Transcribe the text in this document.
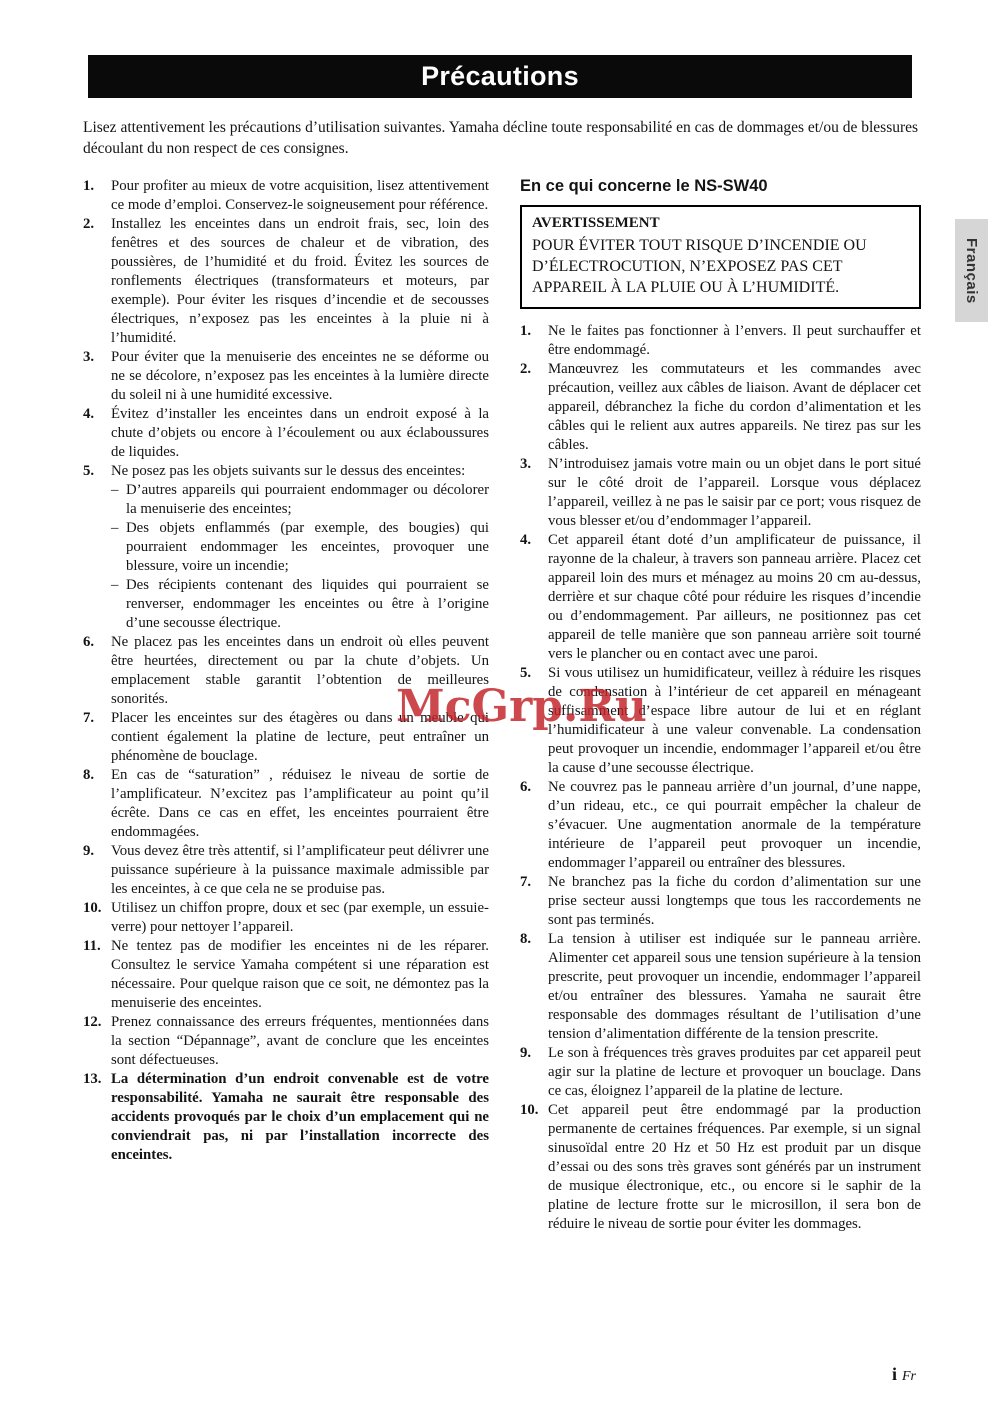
Précautions

Lisez attentivement les précautions d’utilisation suivantes. Yamaha décline toute responsabilité en cas de dommages et/ou de blessures découlant du non respect de ces consignes.

1.	Pour profiter au mieux de votre acquisition, lisez attentivement ce mode d’emploi. Conservez-le soigneusement pour référence.
2.	Installez les enceintes dans un endroit frais, sec, loin des fenêtres et des sources de chaleur et de vibration, des poussières, de l’humidité et du froid. Évitez les sources de ronflements électriques (transformateurs et moteurs, par exemple). Pour éviter les risques d’incendie et de secousses électriques, n’exposez pas les enceintes à la pluie ni à l’humidité.
3.	Pour éviter que la menuiserie des enceintes ne se déforme ou ne se décolore, n’exposez pas les enceintes à la lumière directe du soleil ni à une humidité excessive.
4.	Évitez d’installer les enceintes dans un endroit exposé à la chute d’objets ou encore à l’écoulement ou aux éclaboussures de liquides.
5.	Ne posez pas les objets suivants sur le dessus des enceintes:
– D’autres appareils qui pourraient endommager ou décolorer la menuiserie des enceintes;
– Des objets enflammés (par exemple, des bougies) qui pourraient endommager les enceintes, provoquer une blessure, voire un incendie;
– Des récipients contenant des liquides qui pourraient se renverser, endommager les enceintes ou être à l’origine d’une secousse électrique.
6.	Ne placez pas les enceintes dans un endroit où elles peuvent être heurtées, directement ou par la chute d’objets. Un emplacement stable garantit l’obtention de meilleures sonorités.
7.	Placer les enceintes sur des étagères ou dans un meuble qui contient également la platine de lecture, peut entraîner un phénomène de bouclage.
8.	En cas de “saturation” , réduisez le niveau de sortie de l’amplificateur. N’excitez pas l’amplificateur au point qu’il écrête. Dans ce cas en effet, les enceintes pourraient être endommagées.
9.	Vous devez être très attentif, si l’amplificateur peut délivrer une puissance supérieure à la puissance maximale admissible par les enceintes, à ce que cela ne se produise pas.
10. Utilisez un chiffon propre, doux et sec (par exemple, un essuie-verre) pour nettoyer l’appareil.
11. Ne tentez pas de modifier les enceintes ni de les réparer. Consultez le service Yamaha compétent si une réparation est nécessaire. Pour quelque raison que ce soit, ne démontez pas la menuiserie des enceintes.
12. Prenez connaissance des erreurs fréquentes, mentionnées dans la section “Dépannage”, avant de conclure que les enceintes sont défectueuses.
13. La détermination d’un endroit convenable est de votre responsabilité. Yamaha ne saurait être responsable des accidents provoqués par le choix d’un emplacement qui ne conviendrait pas, ni par l’installation incorrecte des enceintes.
En ce qui concerne le NS-SW40
AVERTISSEMENT
POUR ÉVITER TOUT RISQUE D’INCENDIE OU D’ÉLECTROCUTION, N’EXPOSEZ PAS CET APPAREIL À LA PLUIE OU À L’HUMIDITÉ.
1.	Ne le faites pas fonctionner à l’envers. Il peut surchauffer et être endommagé.
2.	Manœuvrez les commutateurs et les commandes avec précaution, veillez aux câbles de liaison. Avant de déplacer cet appareil, débranchez la fiche du cordon d’alimentation et les câbles qui le relient aux autres appareils. Ne tirez pas sur les câbles.
3.	N’introduisez jamais votre main ou un objet dans le port situé sur le côté droit de l’appareil. Lorsque vous déplacez l’appareil, veillez à ne pas le saisir par ce port; vous risquez de vous blesser et/ou d’endommager l’appareil.
4.	Cet appareil étant doté d’un amplificateur de puissance, il rayonne de la chaleur, à travers son panneau arrière. Placez cet appareil loin des murs et ménagez au moins 20 cm au-dessus, derrière et sur chaque côté pour réduire les risques d’incendie ou d’endommagement. Par ailleurs, ne positionnez pas cet appareil de telle manière que son panneau arrière soit tourné vers le plancher ou en contact avec une paroi.
5.	Si vous utilisez un humidificateur, veillez à réduire les risques de condensation à l’intérieur de cet appareil en ménageant suffisamment d’espace libre autour de lui et en réglant l’humidificateur à une valeur convenable. La condensation peut provoquer un incendie, endommager l’appareil et/ou être la cause d’une secousse électrique.
6.	Ne couvrez pas le panneau arrière d’un journal, d’une nappe, d’un rideau, etc., ce qui pourrait empêcher la chaleur de s’évacuer. Une augmentation anormale de la température intérieure de l’appareil peut provoquer un incendie, endommager l’appareil ou entraîner des blessures.
7.	Ne branchez pas la fiche du cordon d’alimentation sur une prise secteur aussi longtemps que tous les raccordements ne sont pas terminés.
8.	La tension à utiliser est indiquée sur le panneau arrière. Alimenter cet appareil sous une tension supérieure à la tension prescrite, peut provoquer un incendie, endommager l’appareil et/ou entraîner des blessures. Yamaha ne saurait être responsable des dommages résultant de l’utilisation d’une tension d’alimentation différente de la tension prescrite.
9.	Le son à fréquences très graves produites par cet appareil peut agir sur la platine de lecture et provoquer un bouclage. Dans ce cas, éloignez l’appareil de la platine de lecture.
10. Cet appareil peut être endommagé par la production permanente de certaines fréquences. Par exemple, si un signal sinusoïdal entre 20 Hz et 50 Hz est produit par un disque d’essai ou des sons très graves sont générés par un instrument de musique électronique, etc., ou encore si le saphir de la platine de lecture frotte sur le microsillon, il sera bon de réduire le niveau de sortie pour éviter les dommages.
Français
McGrp.Ru
i Fr
